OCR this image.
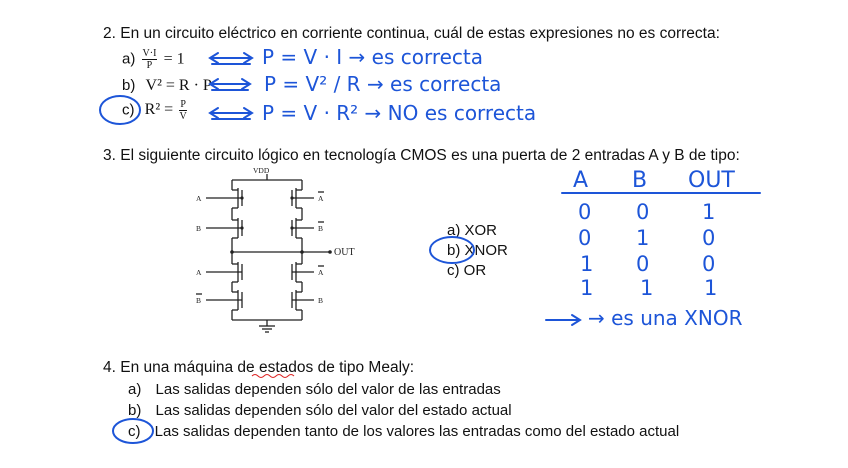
2. En un circuito eléctrico en corriente continua, cuál de estas expresiones no es correcta:
$a) \frac{V\cdot I}{P} = 1$
b) V² = R · P
c) $R^2 = \frac{P}{V}$
P = V · I → es correcta
P = V² / R → es correcta
P = V · R² → NO es correcta
3. El siguiente circuito lógico en tecnología CMOS es una puerta de 2 entradas A y B de tipo:
VDD
A
B
A
B
A
B
A
B
OUT
a) XOR
b) XNOR
c) OR
A B OUT
0 0	1
0 1	0
1 0	0
1 1 1
→ es una XNOR
4. En una máquina de estados de tipo Mealy:
a) Las salidas dependen sólo del valor de las entradas
b) Las salidas dependen sólo del valor del estado actual
c) Las salidas dependen tanto de los valores las entradas como del estado actual
